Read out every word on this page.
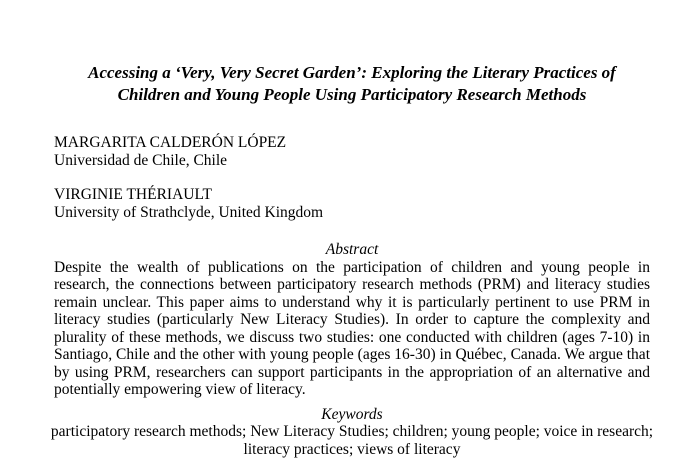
Accessing a ‘Very, Very Secret Garden’: Exploring the Literary Practices of Children and Young People Using Participatory Research Methods
MARGARITA CALDERÓN LÓPEZ
Universidad de Chile, Chile
VIRGINIE THÉRIAULT
University of Strathclyde, United Kingdom
Abstract

Despite the wealth of publications on the participation of children and young people in research, the connections between participatory research methods (PRM) and literacy studies remain unclear. This paper aims to understand why it is particularly pertinent to use PRM in literacy studies (particularly New Literacy Studies). In order to capture the complexity and plurality of these methods, we discuss two studies: one conducted with children (ages 7-10) in Santiago, Chile and the other with young people (ages 16-30) in Québec, Canada. We argue that by using PRM, researchers can support participants in the appropriation of an alternative and potentially empowering view of literacy.

Keywords

participatory research methods; New Literacy Studies; children; young people; voice in research; literacy practices; views of literacy
